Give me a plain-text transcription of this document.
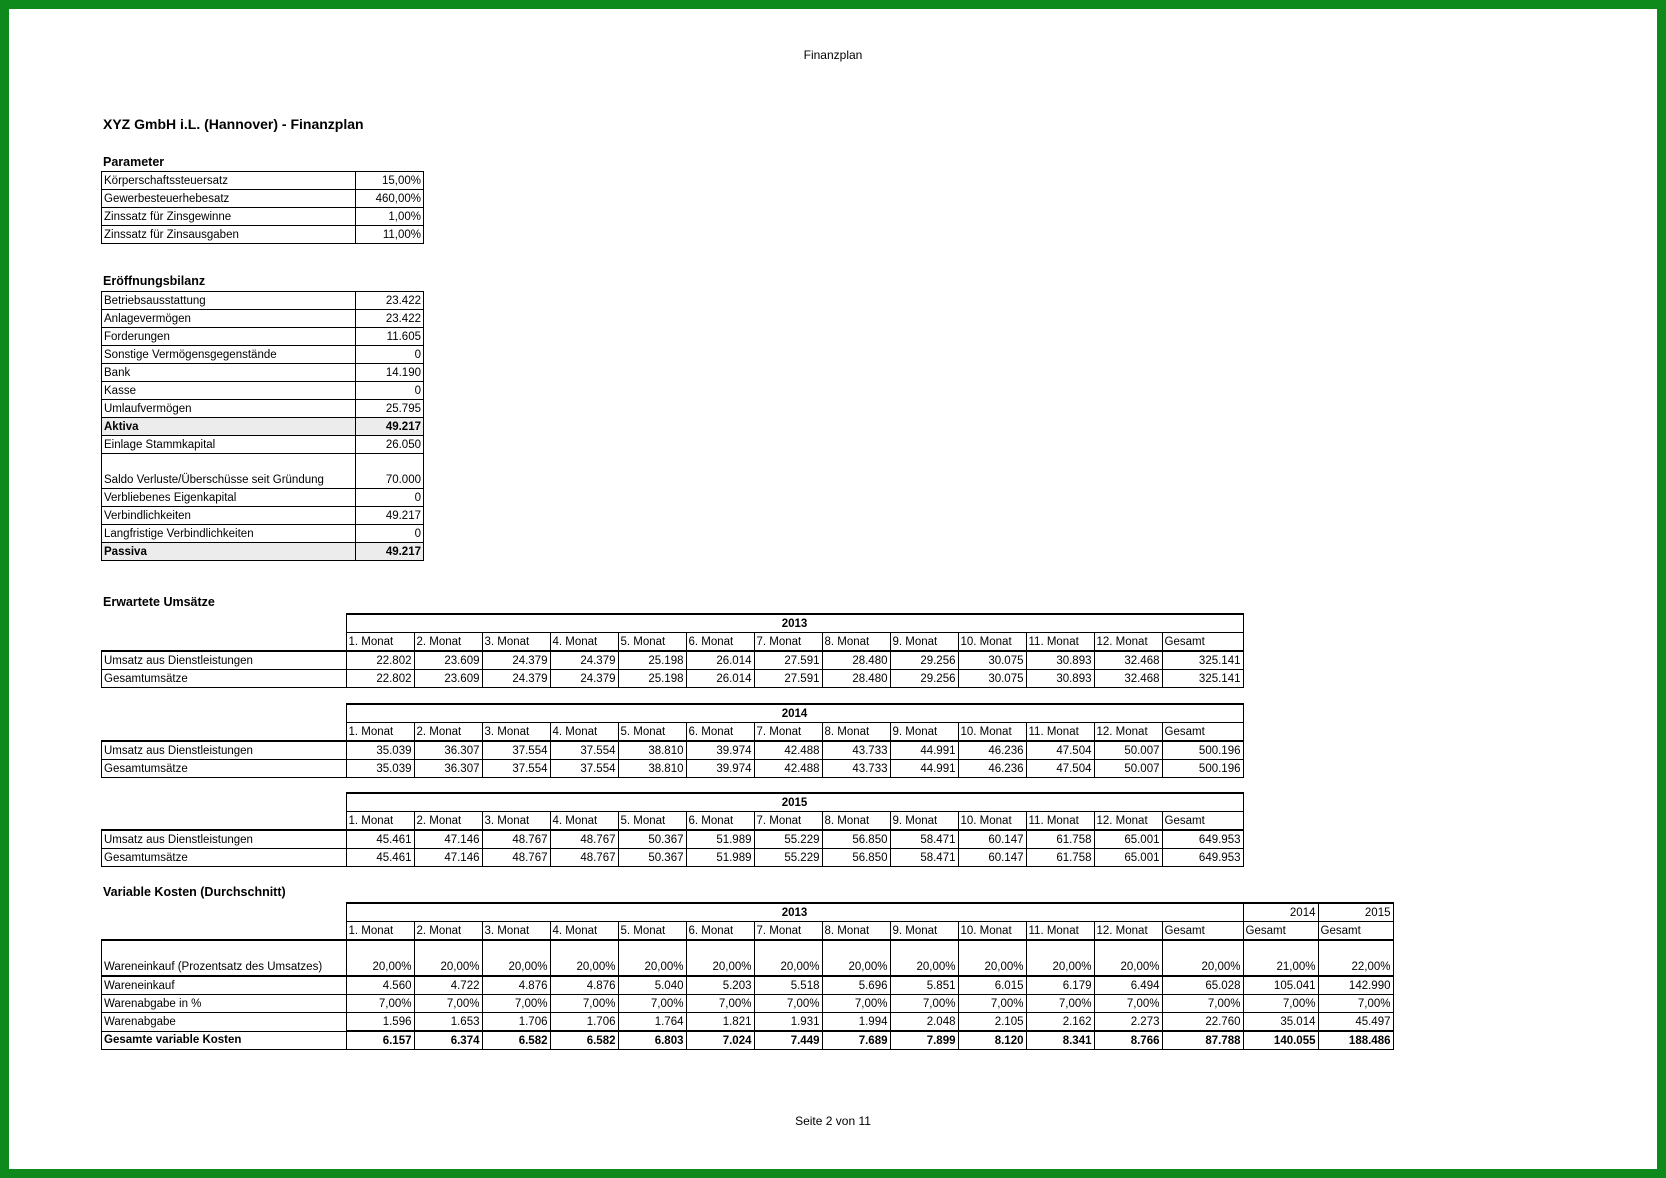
Finanzplan
XYZ GmbH i.L. (Hannover) - Finanzplan
Parameter
Körperschaftssteuersatz	15,00%
Gewerbesteuerhebesatz	460,00%
Zinssatz für Zinsgewinne	1,00%
Zinssatz für Zinsausgaben	11,00%
Eröffnungsbilanz
Betriebsausstattung	23.422
Anlagevermögen	23.422
Forderungen	11.605
Sonstige Vermögensgegenstände	0
Bank	14.190
Kasse	0
Umlaufvermögen	25.795
Aktiva	49.217
Einlage Stammkapital	26.050
Saldo Verluste/Überschüsse seit Gründung	70.000
Verbliebenes Eigenkapital	0
Verbindlichkeiten	49.217
Langfristige Verbindlichkeiten	0
Passiva	49.217
Erwartete Umsätze
	2013												
	1. Monat	2. Monat	3. Monat	4. Monat	5. Monat	6. Monat	7. Monat	8. Monat	9. Monat	10. Monat	11. Monat	12. Monat	Gesamt
Umsatz aus Dienstleistungen	22.802	23.609	24.379	24.379	25.198	26.014	27.591	28.480	29.256	30.075	30.893	32.468	325.141
Gesamtumsätze	22.802	23.609	24.379	24.379	25.198	26.014	27.591	28.480	29.256	30.075	30.893	32.468	325.141
	2014												
	1. Monat	2. Monat	3. Monat	4. Monat	5. Monat	6. Monat	7. Monat	8. Monat	9. Monat	10. Monat	11. Monat	12. Monat	Gesamt
Umsatz aus Dienstleistungen	35.039	36.307	37.554	37.554	38.810	39.974	42.488	43.733	44.991	46.236	47.504	50.007	500.196
Gesamtumsätze	35.039	36.307	37.554	37.554	38.810	39.974	42.488	43.733	44.991	46.236	47.504	50.007	500.196
	2015												
	1. Monat	2. Monat	3. Monat	4. Monat	5. Monat	6. Monat	7. Monat	8. Monat	9. Monat	10. Monat	11. Monat	12. Monat	Gesamt
Umsatz aus Dienstleistungen	45.461	47.146	48.767	48.767	50.367	51.989	55.229	56.850	58.471	60.147	61.758	65.001	649.953
Gesamtumsätze	45.461	47.146	48.767	48.767	50.367	51.989	55.229	56.850	58.471	60.147	61.758	65.001	649.953
Variable Kosten (Durchschnitt)
	2013													2014	2015
	1. Monat	2. Monat	3. Monat	4. Monat	5. Monat	6. Monat	7. Monat	8. Monat	9. Monat	10. Monat	11. Monat	12. Monat	Gesamt	Gesamt	Gesamt
Wareneinkauf (Prozentsatz des Umsatzes)	20,00%	20,00%	20,00%	20,00%	20,00%	20,00%	20,00%	20,00%	20,00%	20,00%	20,00%	20,00%	20,00%	21,00%	22,00%
Wareneinkauf	4.560	4.722	4.876	4.876	5.040	5.203	5.518	5.696	5.851	6.015	6.179	6.494	65.028	105.041	142.990
Warenabgabe in %	7,00%	7,00%	7,00%	7,00%	7,00%	7,00%	7,00%	7,00%	7,00%	7,00%	7,00%	7,00%	7,00%	7,00%	7,00%
Warenabgabe	1.596	1.653	1.706	1.706	1.764	1.821	1.931	1.994	2.048	2.105	2.162	2.273	22.760	35.014	45.497
Gesamte variable Kosten	6.157	6.374	6.582	6.582	6.803	7.024	7.449	7.689	7.899	8.120	8.341	8.766	87.788	140.055	188.486
Seite 2 von 11
